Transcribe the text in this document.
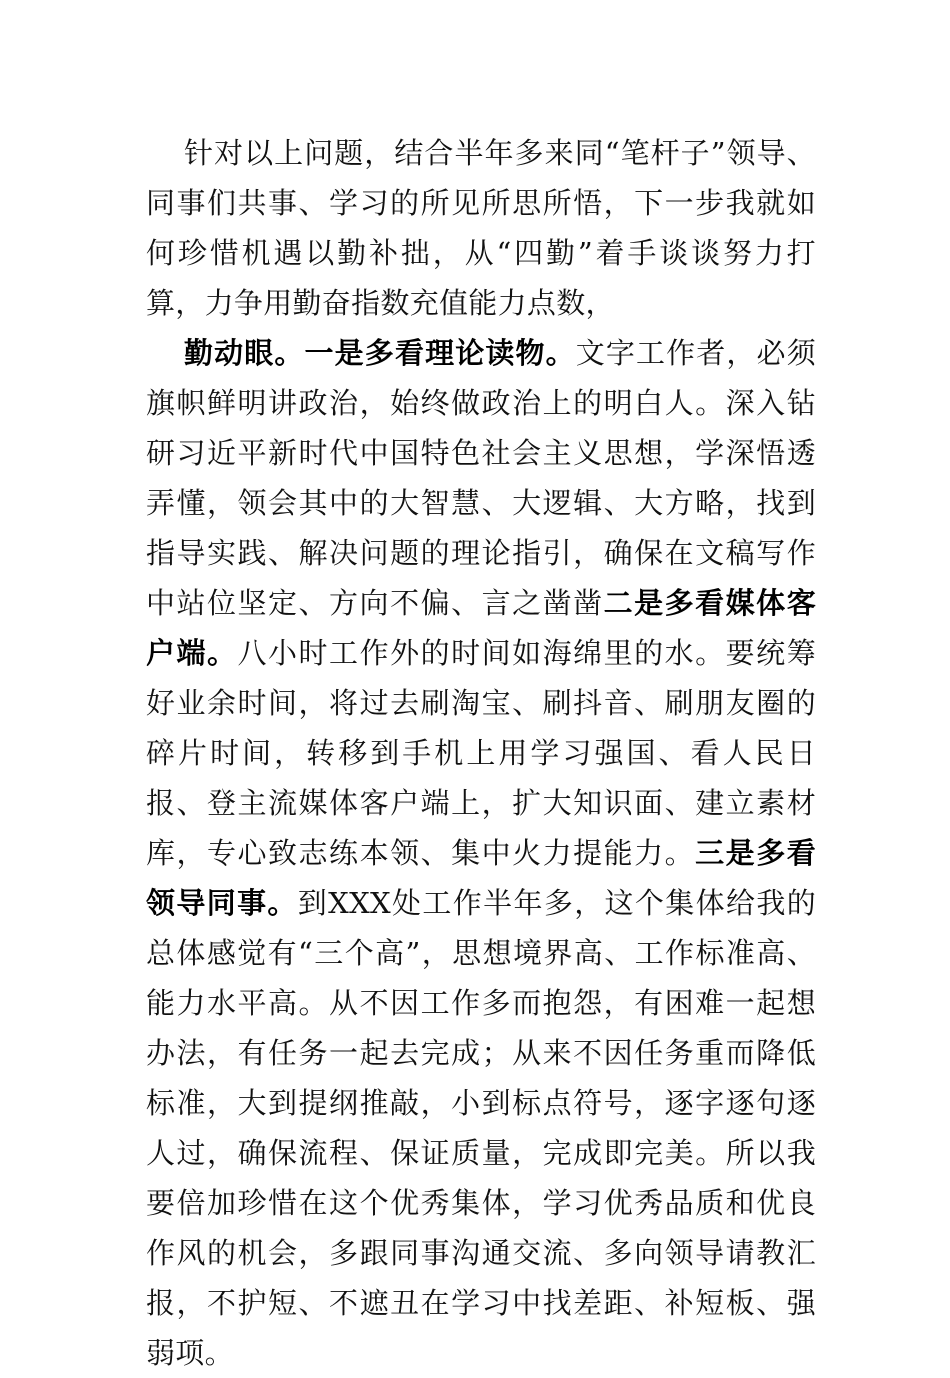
针对以上问题，结合半年多来同“笔杆子”领导、同事们共事、学习的所见所思所悟，下一步我就如何珍惜机遇以勤补拙，从“四勤”着手谈谈努力打算，力争用勤奋指数充值能力点数，

勤动眼。一是多看理论读物。文字工作者，必须旗帜鲜明讲政治，始终做政治上的明白人。深入钻研习近平新时代中国特色社会主义思想，学深悟透弄懂，领会其中的大智慧、大逻辑、大方略，找到指导实践、解决问题的理论指引，确保在文稿写作中站位坚定、方向不偏、言之凿凿二是多看媒体客户端。八小时工作外的时间如海绵里的水。要统筹好业余时间，将过去刷淘宝、刷抖音、刷朋友圈的碎片时间，转移到手机上用学习强国、看人民日报、登主流媒体客户端上，扩大知识面、建立素材库，专心致志练本领、集中火力提能力。三是多看领导同事。到XXX处工作半年多，这个集体给我的总体感觉有“三个高”，思想境界高、工作标准高、能力水平高。从不因工作多而抱怨，有困难一起想办法，有任务一起去完成；从来不因任务重而降低标准，大到提纲推敲，小到标点符号，逐字逐句逐人过，确保流程、保证质量，完成即完美。所以我要倍加珍惜在这个优秀集体，学习优秀品质和优良作风的机会，多跟同事沟通交流、多向领导请教汇报，不护短、不遮丑在学习中找差距、补短板、强弱项。
